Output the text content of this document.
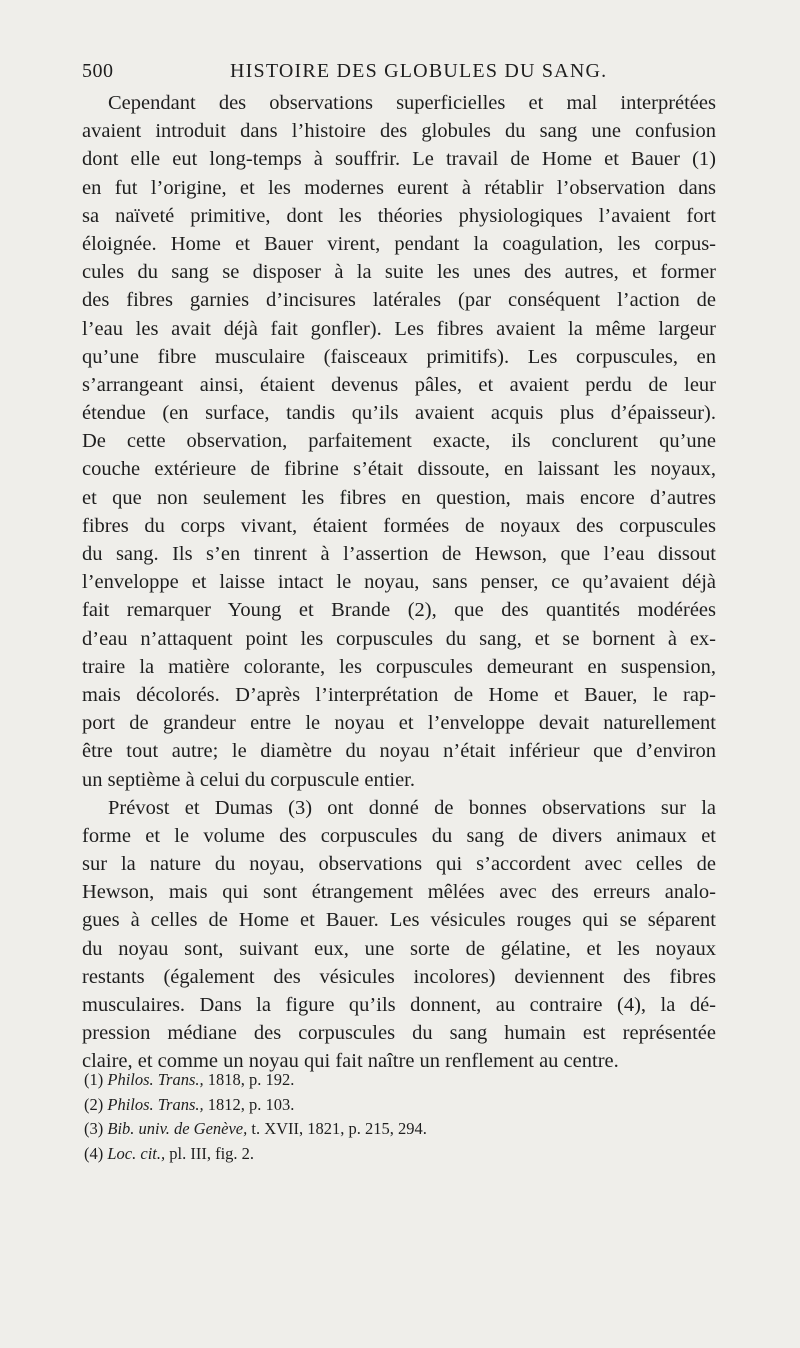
500	HISTOIRE DES GLOBULES DU SANG.
Cependant des observations superficielles et mal interprétées
avaient introduit dans l’histoire des globules du sang une confusion
dont elle eut long-temps à souffrir. Le travail de Home et Bauer (1)
en fut l’origine, et les modernes eurent à rétablir l’observation dans
sa naïveté primitive, dont les théories physiologiques l’avaient fort
éloignée. Home et Bauer virent, pendant la coagulation, les corpus-
cules du sang se disposer à la suite les unes des autres, et former
des fibres garnies d’incisures latérales (par conséquent l’action de
l’eau les avait déjà fait gonfler). Les fibres avaient la même largeur
qu’une fibre musculaire (faisceaux primitifs). Les corpuscules, en
s’arrangeant ainsi, étaient devenus pâles, et avaient perdu de leur
étendue (en surface, tandis qu’ils avaient acquis plus d’épaisseur).
De cette observation, parfaitement exacte, ils conclurent qu’une
couche extérieure de fibrine s’était dissoute, en laissant les noyaux,
et que non seulement les fibres en question, mais encore d’autres
fibres du corps vivant, étaient formées de noyaux des corpuscules
du sang. Ils s’en tinrent à l’assertion de Hewson, que l’eau dissout
l’enveloppe et laisse intact le noyau, sans penser, ce qu’avaient déjà
fait remarquer Young et Brande (2), que des quantités modérées
d’eau n’attaquent point les corpuscules du sang, et se bornent à ex-
traire la matière colorante, les corpuscules demeurant en suspension,
mais décolorés. D’après l’interprétation de Home et Bauer, le rap-
port de grandeur entre le noyau et l’enveloppe devait naturellement
être tout autre; le diamètre du noyau n’était inférieur que d’environ
un septième à celui du corpuscule entier.
Prévost et Dumas (3) ont donné de bonnes observations sur la
forme et le volume des corpuscules du sang de divers animaux et
sur la nature du noyau, observations qui s’accordent avec celles de
Hewson, mais qui sont étrangement mêlées avec des erreurs analo-
gues à celles de Home et Bauer. Les vésicules rouges qui se séparent
du noyau sont, suivant eux, une sorte de gélatine, et les noyaux
restants (également des vésicules incolores) deviennent des fibres
musculaires. Dans la figure qu’ils donnent, au contraire (4), la dé-
pression médiane des corpuscules du sang humain est représentée
claire, et comme un noyau qui fait naître un renflement au centre.
(1) Philos. Trans., 1818, p. 192.
(2) Philos. Trans., 1812, p. 103.
(3) Bib. univ. de Genève, t. XVII, 1821, p. 215, 294.
(4) Loc. cit., pl. III, fig. 2.
